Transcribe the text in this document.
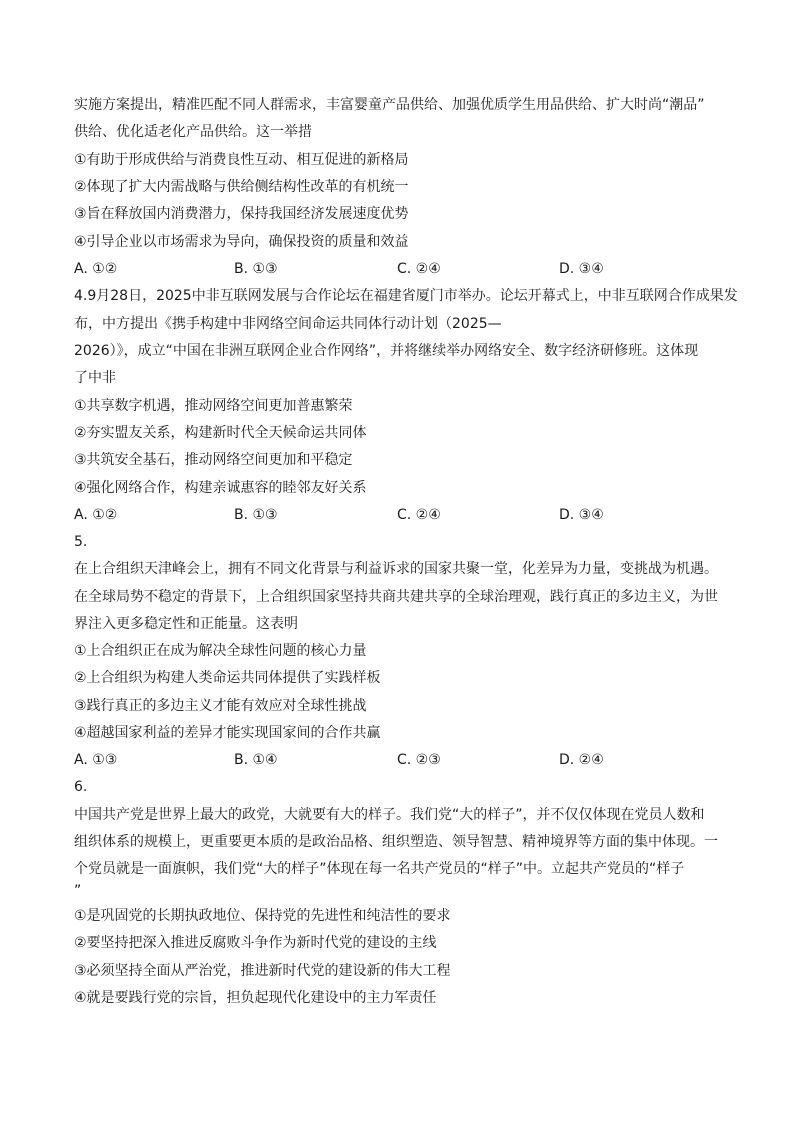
实施方案提出，精准匹配不同人群需求，丰富婴童产品供给、加强优质学生用品供给、扩大时尚“潮品”
供给、优化适老化产品供给。这一举措
①有助于形成供给与消费良性互动、相互促进的新格局
②体现了扩大内需战略与供给侧结构性改革的有机统一
③旨在释放国内消费潜力，保持我国经济发展速度优势
④引导企业以市场需求为导向，确保投资的质量和效益
A. ①②	B. ①③	C. ②④	D. ③④
4.9月28日，2025中非互联网发展与合作论坛在福建省厦门市举办。论坛开幕式上，中非互联网合作成果发
布，中方提出《携手构建中非网络空间命运共同体行动计划（2025—
2026）》，成立“中国在非洲互联网企业合作网络”，并将继续举办网络安全、数字经济研修班。这体现
了中非
①共享数字机遇，推动网络空间更加普惠繁荣
②夯实盟友关系，构建新时代全天候命运共同体
③共筑安全基石，推动网络空间更加和平稳定
④强化网络合作，构建亲诚惠容的睦邻友好关系
A. ①②	B. ①③	C. ②④	D. ③④
5.
在上合组织天津峰会上，拥有不同文化背景与利益诉求的国家共聚一堂，化差异为力量，变挑战为机遇。
在全球局势不稳定的背景下，上合组织国家坚持共商共建共享的全球治理观，践行真正的多边主义，为世
界注入更多稳定性和正能量。这表明
①上合组织正在成为解决全球性问题的核心力量
②上合组织为构建人类命运共同体提供了实践样板
③践行真正的多边主义才能有效应对全球性挑战
④超越国家利益的差异才能实现国家间的合作共赢
A. ①③	B. ①④	C. ②③	D. ②④
6.
中国共产党是世界上最大的政党，大就要有大的样子。我们党“大的样子”，并不仅仅体现在党员人数和
组织体系的规模上，更重要更本质的是政治品格、组织塑造、领导智慧、精神境界等方面的集中体现。一
个党员就是一面旗帜，我们党“大的样子”体现在每一名共产党员的“样子”中。立起共产党员的“样子
”
①是巩固党的长期执政地位、保持党的先进性和纯洁性的要求
②要坚持把深入推进反腐败斗争作为新时代党的建设的主线
③必须坚持全面从严治党，推进新时代党的建设新的伟大工程
④就是要践行党的宗旨，担负起现代化建设中的主力军责任
